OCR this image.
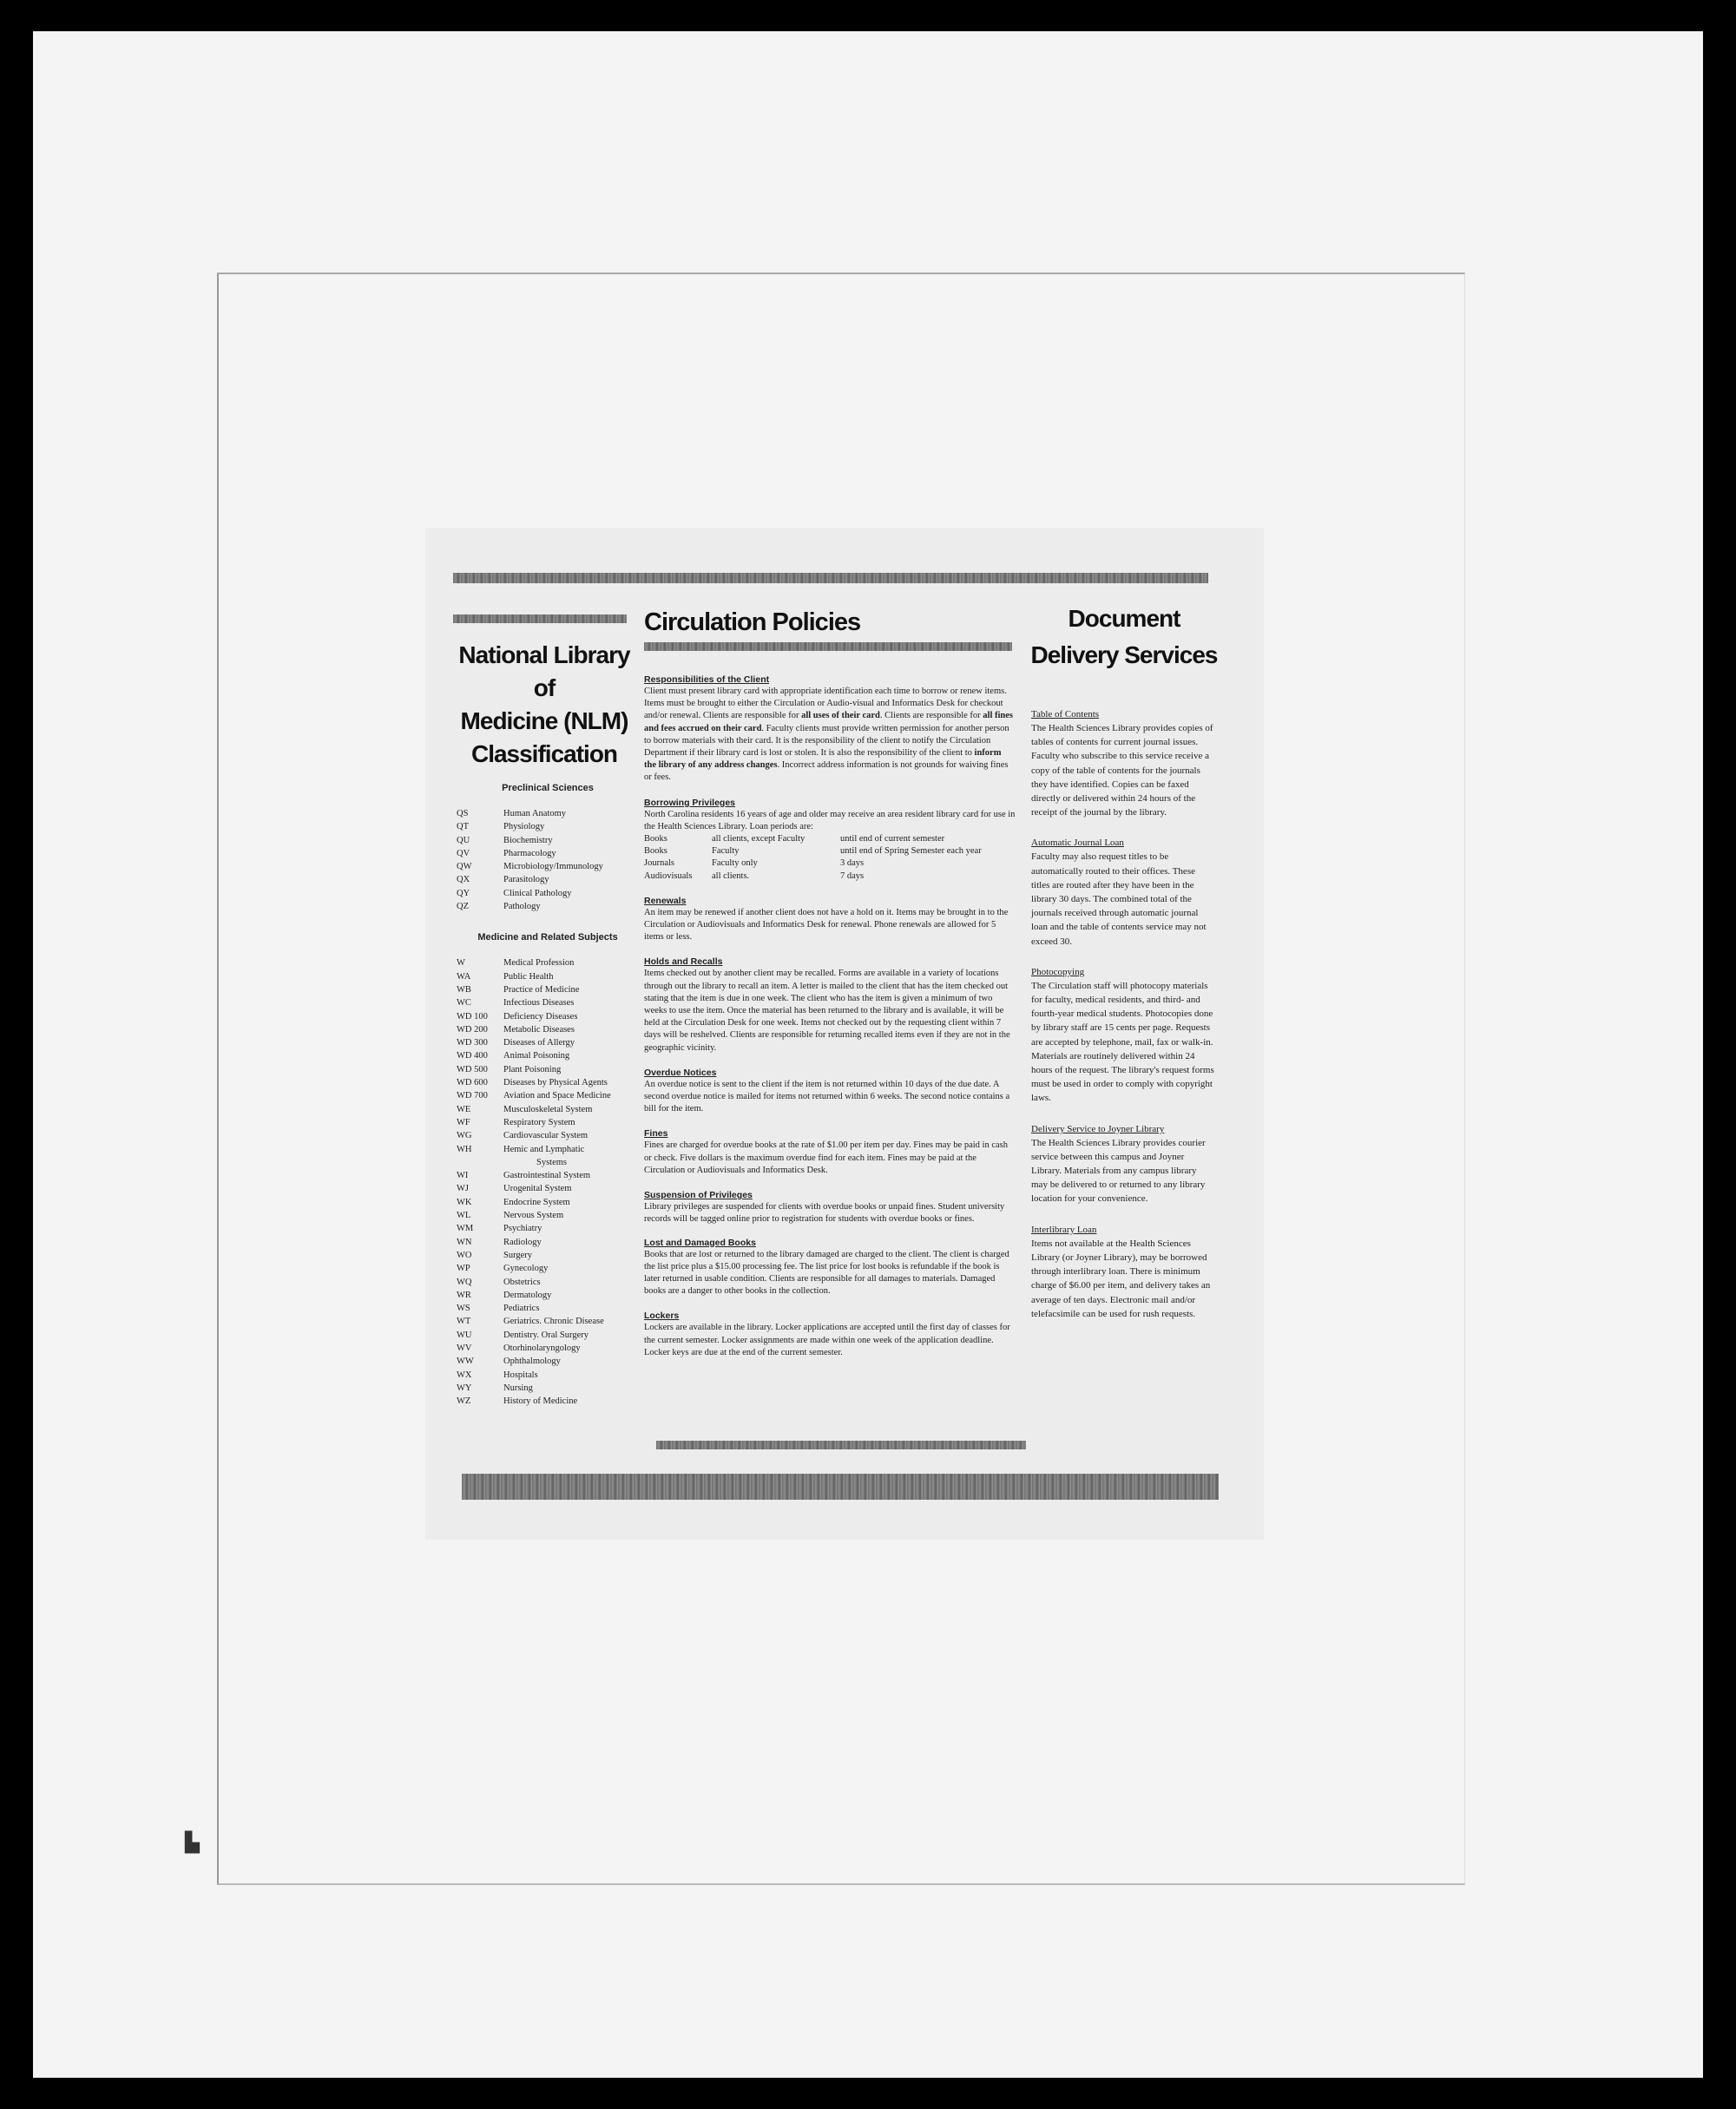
▙
National Library of
Medicine (NLM)
Classification

Preclinical Sciences

QS	Human Anatomy
QT	Physiology
QU	Biochemistry
QV	Pharmacology
QW	Microbiology/Immunology
QX	Parasitology
QY	Clinical Pathology
QZ	Pathology

Medicine and Related Subjects

W	Medical Profession
WA	Public Health
WB	Practice of Medicine
WC	Infectious Diseases
WD 100	Deficiency Diseases
WD 200	Metabolic Diseases
WD 300	Diseases of Allergy
WD 400	Animal Poisoning
WD 500	Plant Poisoning
WD 600	Diseases by Physical Agents
WD 700	Aviation and Space Medicine
WE	Musculoskeletal System
WF	Respiratory System
WG	Cardiovascular System
WH	Hemic and Lymphatic
Systems
WI	Gastrointestinal System
WJ	Urogenital System
WK	Endocrine System
WL	Nervous System
WM	Psychiatry
WN	Radiology
WO	Surgery
WP	Gynecology
WQ	Obstetrics
WR	Dermatology
WS	Pediatrics
WT	Geriatrics. Chronic Disease
WU	Dentistry. Oral Surgery
WV	Otorhinolaryngology
WW	Ophthalmology
WX	Hospitals
WY	Nursing
WZ	History of Medicine
Circulation Policies

Responsibilities of the Client

Client must present library card with appropriate identification each time to borrow or renew items. Items must be brought to either the Circulation or Audio-visual and Informatics Desk for checkout and/or renewal. Clients are responsible for all uses of their card. Clients are responsible for all fines and fees accrued on their card. Faculty clients must provide written permission for another person to borrow materials with their card. It is the responsibility of the client to notify the Circulation Department if their library card is lost or stolen. It is also the responsibility of the client to inform the library of any address changes. Incorrect address information is not grounds for waiving fines or fees.

Borrowing Privileges

North Carolina residents 16 years of age and older may receive an area resident library card for use in the Health Sciences Library. Loan periods are:

Books	all clients, except Faculty	until end of current semester
Books	Faculty	until end of Spring Semester each year
Journals	Faculty only	3 days
Audiovisuals	all clients.	7 days

Renewals

An item may be renewed if another client does not have a hold on it. Items may be brought in to the Circulation or Audiovisuals and Informatics Desk for renewal. Phone renewals are allowed for 5 items or less.

Holds and Recalls

Items checked out by another client may be recalled. Forms are available in a variety of locations through out the library to recall an item. A letter is mailed to the client that has the item checked out stating that the item is due in one week. The client who has the item is given a minimum of two weeks to use the item. Once the material has been returned to the library and is available, it will be held at the Circulation Desk for one week. Items not checked out by the requesting client within 7 days will be reshelved. Clients are responsible for returning recalled items even if they are not in the geographic vicinity.

Overdue Notices

An overdue notice is sent to the client if the item is not returned within 10 days of the due date. A second overdue notice is mailed for items not returned within 6 weeks. The second notice contains a bill for the item.

Fines

Fines are charged for overdue books at the rate of $1.00 per item per day. Fines may be paid in cash or check. Five dollars is the maximum overdue find for each item. Fines may be paid at the Circulation or Audiovisuals and Informatics Desk.

Suspension of Privileges

Library privileges are suspended for clients with overdue books or unpaid fines. Student university records will be tagged online prior to registration for students with overdue books or fines.

Lost and Damaged Books

Books that are lost or returned to the library damaged are charged to the client. The client is charged the list price plus a $15.00 processing fee. The list price for lost books is refundable if the book is later returned in usable condition. Clients are responsible for all damages to materials. Damaged books are a danger to other books in the collection.

Lockers

Lockers are available in the library. Locker applications are accepted until the first day of classes for the current semester. Locker assignments are made within one week of the application deadline. Locker keys are due at the end of the current semester.

Document
Delivery Services

Table of Contents

The Health Sciences Library provides copies of tables of contents for current journal issues. Faculty who subscribe to this service receive a copy of the table of contents for the journals they have identified. Copies can be faxed directly or delivered within 24 hours of the receipt of the journal by the library.

Automatic Journal Loan

Faculty may also request titles to be automatically routed to their offices. These titles are routed after they have been in the library 30 days. The combined total of the journals received through automatic journal loan and the table of contents service may not exceed 30.

Photocopying

The Circulation staff will photocopy materials for faculty, medical residents, and third- and fourth-year medical students. Photocopies done by library staff are 15 cents per page. Requests are accepted by telephone, mail, fax or walk-in. Materials are routinely delivered within 24 hours of the request. The library's request forms must be used in order to comply with copyright laws.

Delivery Service to Joyner Library

The Health Sciences Library provides courier service between this campus and Joyner Library. Materials from any campus library may be delivered to or returned to any library location for your convenience.

Interlibrary Loan

Items not available at the Health Sciences Library (or Joyner Library), may be borrowed through interlibrary loan. There is minimum charge of $6.00 per item, and delivery takes an average of ten days. Electronic mail and/or telefacsimile can be used for rush requests.
